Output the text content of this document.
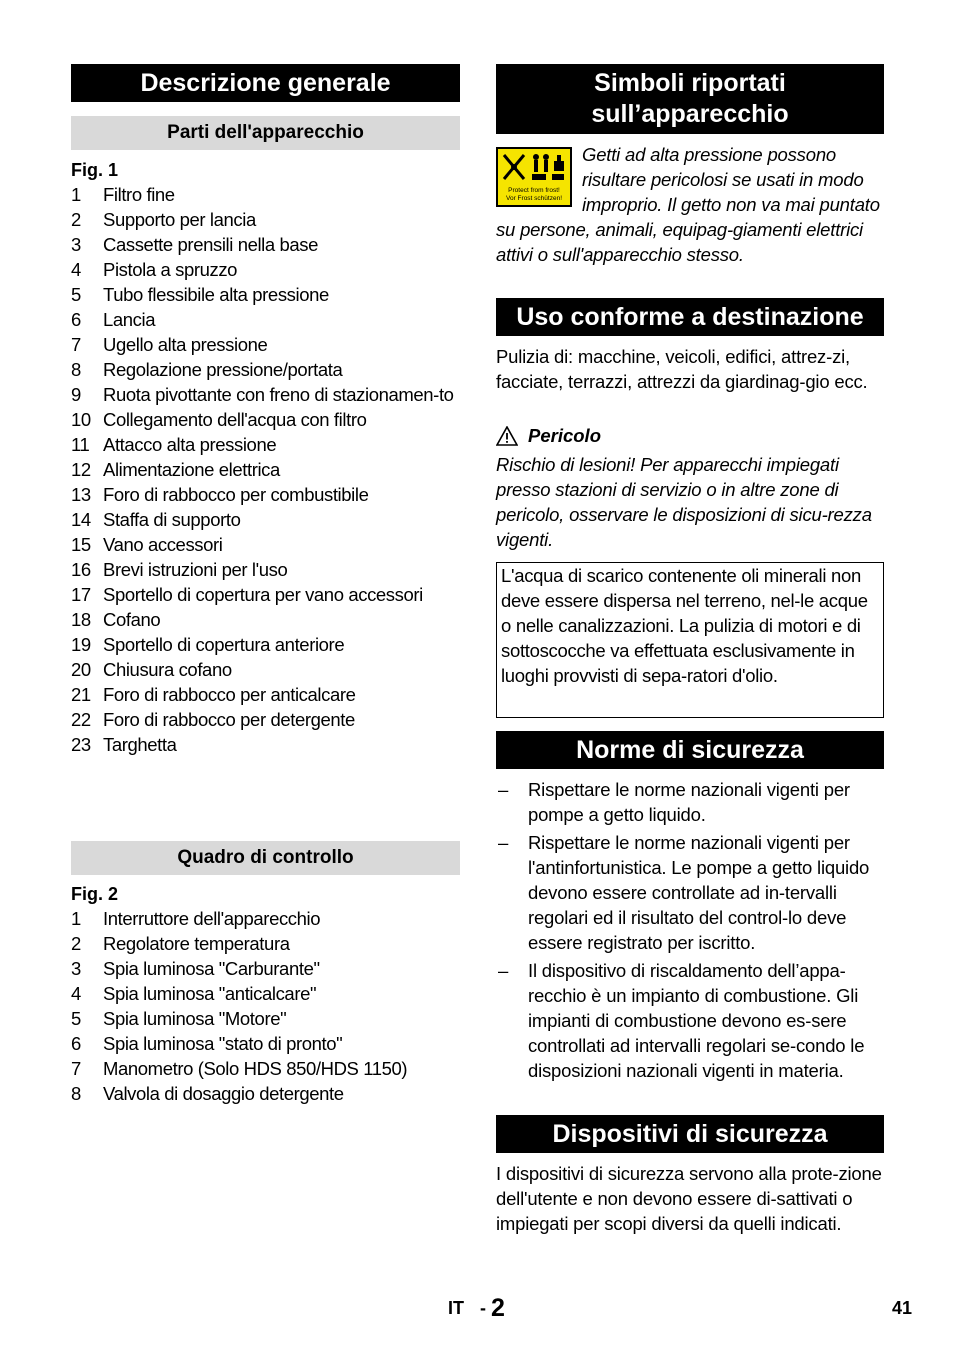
Descrizione generale
Parti dell'apparecchio
Fig. 1
1	Filtro fine
2	Supporto per lancia
3	Cassette prensili nella base
4	Pistola a spruzzo
5	Tubo flessibile alta pressione
6	Lancia
7	Ugello alta pressione
8	Regolazione pressione/portata
9	Ruota pivottante con freno di stazionamen-to
10 Collegamento dell'acqua con filtro
11 Attacco alta pressione
12 Alimentazione elettrica
13 Foro di rabbocco per combustibile
14 Staffa di supporto
15 Vano accessori
16 Brevi istruzioni per l'uso
17 Sportello di copertura per vano accessori
18 Cofano
19 Sportello di copertura anteriore
20 Chiusura cofano
21 Foro di rabbocco per anticalcare
22 Foro di rabbocco per detergente
23 Targhetta
Quadro di controllo
Fig. 2
1	Interruttore dell'apparecchio
2	Regolatore temperatura
3	Spia luminosa "Carburante"
4	Spia luminosa "anticalcare"
5	Spia luminosa "Motore"
6	Spia luminosa "stato di pronto"
7	Manometro (Solo HDS 850/HDS 1150)
8	Valvola di dosaggio detergente
Simboli riportati sull’apparecchio
Protect from frost!
Vor Frost schützen!
Getti ad alta pressione possono risultare pericolosi se usati in modo improprio. Il getto non va mai puntato su persone, animali, equipag-giamenti elettrici attivi o sull'apparecchio stesso.
Uso conforme a destinazione
Pulizia di: macchine, veicoli, edifici, attrez-zi, facciate, terrazzi, attrezzi da giardinag-gio ecc.
Pericolo
Rischio di lesioni! Per apparecchi impiegati presso stazioni di servizio o in altre zone di pericolo, osservare le disposizioni di sicu-rezza vigenti.
L'acqua di scarico contenente oli minerali non deve essere dispersa nel terreno, nel-le acque o nelle canalizzazioni. La pulizia di motori e di sottoscocche va effettuata esclusivamente in luoghi provvisti di sepa-ratori d'olio.
Norme di sicurezza
–	Rispettare le norme nazionali vigenti per pompe a getto liquido.
–	Rispettare le norme nazionali vigenti per l'antinfortunistica. Le pompe a getto liquido devono essere controllate ad in-tervalli regolari ed il risultato del control-lo deve essere registrato per iscritto.
–	Il dispositivo di riscaldamento dell’appa-recchio è un impianto di combustione. Gli impianti di combustione devono es-sere controllati ad intervalli regolari se-condo le disposizioni nazionali vigenti in materia.
Dispositivi di sicurezza
I dispositivi di sicurezza servono alla prote-zione dell'utente e non devono essere di-sattivati o impiegati per scopi diversi da quelli indicati.
IT - 2	41
